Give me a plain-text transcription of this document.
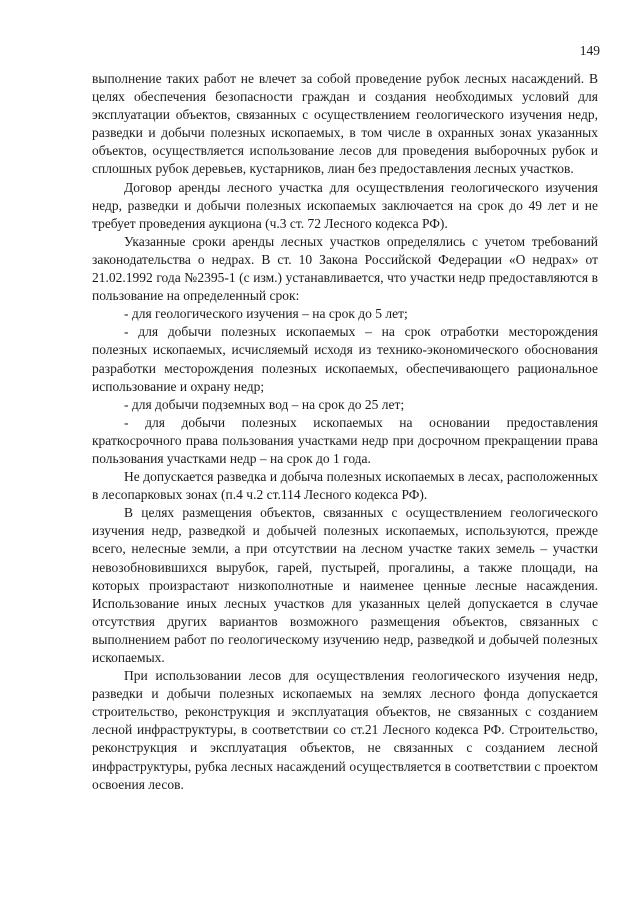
149

выполнение таких работ не влечет за собой проведение рубок лесных насаждений. В целях обеспечения безопасности граждан и создания необходимых условий для эксплуатации объектов, связанных с осуществлением геологического изучения недр, разведки и добычи полезных ископаемых, в том числе в охранных зонах указанных объектов, осуществляется использование лесов для проведения выборочных рубок и сплошных рубок деревьев, кустарников, лиан без предоставления лесных участков.

Договор аренды лесного участка для осуществления геологического изучения недр, разведки и добычи полезных ископаемых заключается на срок до 49 лет и не требует проведения аукциона (ч.3 ст. 72 Лесного кодекса РФ).

Указанные сроки аренды лесных участков определялись с учетом требований законодательства о недрах. В ст. 10 Закона Российской Федерации «О недрах» от 21.02.1992 года №2395-1 (с изм.) устанавливается, что участки недр предоставляются в пользование на определенный срок:

- для геологического изучения – на срок до 5 лет;

- для добычи полезных ископаемых – на срок отработки месторождения полезных ископаемых, исчисляемый исходя из технико-экономического обоснования разработки месторождения полезных ископаемых, обеспечивающего рациональное использование и охрану недр;

- для добычи подземных вод – на срок до 25 лет;

- для добычи полезных ископаемых на основании предоставления краткосрочного права пользования участками недр при досрочном прекращении права пользования участками недр – на срок до 1 года.

Не допускается разведка и добыча полезных ископаемых в лесах, расположенных в лесопарковых зонах (п.4 ч.2 ст.114 Лесного кодекса РФ).

В целях размещения объектов, связанных с осуществлением геологического изучения недр, разведкой и добычей полезных ископаемых, используются, прежде всего, нелесные земли, а при отсутствии на лесном участке таких земель – участки невозобновившихся вырубок, гарей, пустырей, прогалины, а также площади, на которых произрастают низкополнотные и наименее ценные лесные насаждения. Использование иных лесных участков для указанных целей допускается в случае отсутствия других вариантов возможного размещения объектов, связанных с выполнением работ по геологическому изучению недр, разведкой и добычей полезных ископаемых.

При использовании лесов для осуществления геологического изучения недр, разведки и добычи полезных ископаемых на землях лесного фонда допускается строительство, реконструкция и эксплуатация объектов, не связанных с созданием лесной инфраструктуры, в соответствии со ст.21 Лесного кодекса РФ. Строительство, реконструкция и эксплуатация объектов, не связанных с созданием лесной инфраструктуры, рубка лесных насаждений осуществляется в соответствии с проектом освоения лесов.
